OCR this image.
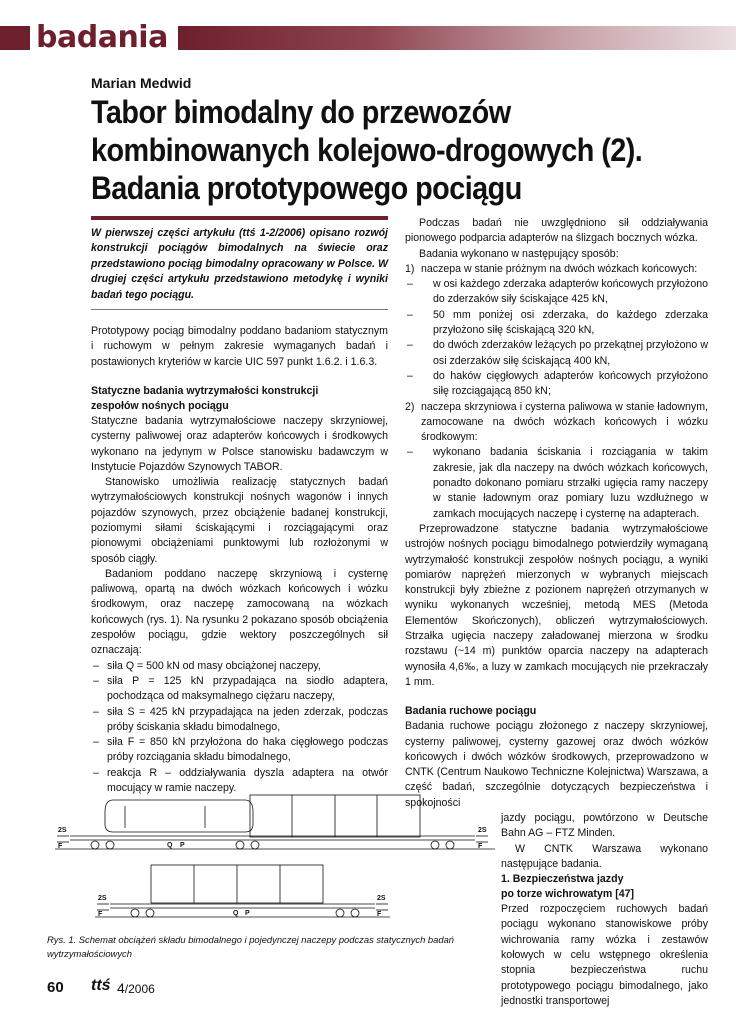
badania
Marian Medwid
Tabor bimodalny do przewozów kombinowanych kolejowo-drogowych (2). Badania prototypowego pociągu
W pierwszej części artykułu (ttś 1-2/2006) opisano rozwój konstrukcji pociągów bimodalnych na świecie oraz przedstawiono pociąg bimodalny opracowany w Polsce. W drugiej części artykułu przedstawiono metodykę i wyniki badań tego pociągu.

Prototypowy pociąg bimodalny poddano badaniom statycznym i ruchowym w pełnym zakresie wymaganych badań i postawionych kryteriów w karcie UIC 597 punkt 1.6.2. i 1.6.3.

Statyczne badania wytrzymałości konstrukcji
zespołów nośnych pociągu

Statyczne badania wytrzymałościowe naczepy skrzyniowej, cysterny paliwowej oraz adapterów końcowych i środkowych wykonano na jedynym w Polsce stanowisku badawczym w Instytucie Pojazdów Szynowych TABOR.

Stanowisko umożliwia realizację statycznych badań wytrzymałościowych konstrukcji nośnych wagonów i innych pojazdów szynowych, przez obciążenie badanej konstrukcji, poziomymi siłami ściskającymi i rozciągającymi oraz pionowymi obciążeniami punktowymi lub rozłożonymi w sposób ciągły.

Badaniom poddano naczepę skrzyniową i cysternę paliwową, opartą na dwóch wózkach końcowych i wózku środkowym, oraz naczepę zamocowaną na wózkach końcowych (rys. 1). Na rysunku 2 pokazano sposób obciążenia zespołów pociągu, gdzie wektory poszczególnych sił oznaczają:

– siła Q = 500 kN od masy obciążonej naczepy,
– siła P = 125 kN przypadająca na siodło adaptera, pochodząca od maksymalnego ciężaru naczepy,
– siła S = 425 kN przypadająca na jeden zderzak, podczas próby ściskania składu bimodalnego,
– siła F = 850 kN przyłożona do haka cięgłowego podczas próby rozciągania składu bimodalnego,
– reakcja R – oddziaływania dyszla adaptera na otwór mocujący w ramie naczepy.

Podczas badań nie uwzględniono sił oddziaływania pionowego podparcia adapterów na ślizgach bocznych wózka.

Badania wykonano w następujący sposób:

1) naczepa w stanie próżnym na dwóch wózkach końcowych:
– w osi każdego zderzaka adapterów końcowych przyłożono do zderzaków siły ściskające 425 kN,
– 50 mm poniżej osi zderzaka, do każdego zderzaka przyłożono siłę ściskającą 320 kN,
– do dwóch zderzaków leżących po przekątnej przyłożono w osi zderzaków siłę ściskającą 400 kN,
– do haków cięgłowych adapterów końcowych przyłożono siłę rozciągającą 850 kN;
2) naczepa skrzyniowa i cysterna paliwowa w stanie ładownym, zamocowane na dwóch wózkach końcowych i wózku środkowym:
– wykonano badania ściskania i rozciągania w takim zakresie, jak dla naczepy na dwóch wózkach końcowych, ponadto dokonano pomiaru strzałki ugięcia ramy naczepy w stanie ładownym oraz pomiary luzu wzdłużnego w zamkach mocujących naczepę i cysternę na adapterach.

Przeprowadzone statyczne badania wytrzymałościowe ustrojów nośnych pociągu bimodalnego potwierdziły wymaganą wytrzymałość konstrukcji zespołów nośnych pociągu, a wyniki pomiarów naprężeń mierzonych w wybranych miejscach konstrukcji były zbieżne z pozionem naprężeń otrzymanych w wyniku wykonanych wcześniej, metodą MES (Metoda Elementów Skończonych), obliczeń wytrzymałościowych. Strzałka ugięcia naczepy załadowanej mierzona w środku rozstawu (~14 m) punktów oparcia naczepy na adapterach wynosiła 4,6‰, a luzy w zamkach mocujących nie przekraczały 1 mm.

Badania ruchowe pociągu

Badania ruchowe pociągu złożonego z naczepy skrzyniowej, cysterny paliwowej, cysterny gazowej oraz dwóch wózków końcowych i dwóch wózków środkowych, przeprowadzono w CNTK (Centrum Naukowo Techniczne Kolejnictwa) Warszawa, a część badań, szczególnie dotyczących bezpieczeństwa i spokojności

jazdy pociągu, powtórzono w Deutsche Bahn AG – FTZ Minden.

W CNTK Warszawa wykonano następujące badania.

1. Bezpieczeństwa jazdy
po torze wichrowatym [47]

Przed rozpoczęciem ruchowych badań pociągu wykonano stanowiskowe próby wichrowania ramy wózka i zestawów kołowych w celu wstępnego określenia stopnia bezpieczeństwa ruchu prototypowego pociągu bimodalnego, jako jednostki transportowej

2S
F
2S
F
Q P
2S
F
2S
F
Q P
Rys. 1. Schemat obciążeń składu bimodalnego i pojedynczej naczepy podczas statycznych badań wytrzymałościowych
60 ttś 4/2006
